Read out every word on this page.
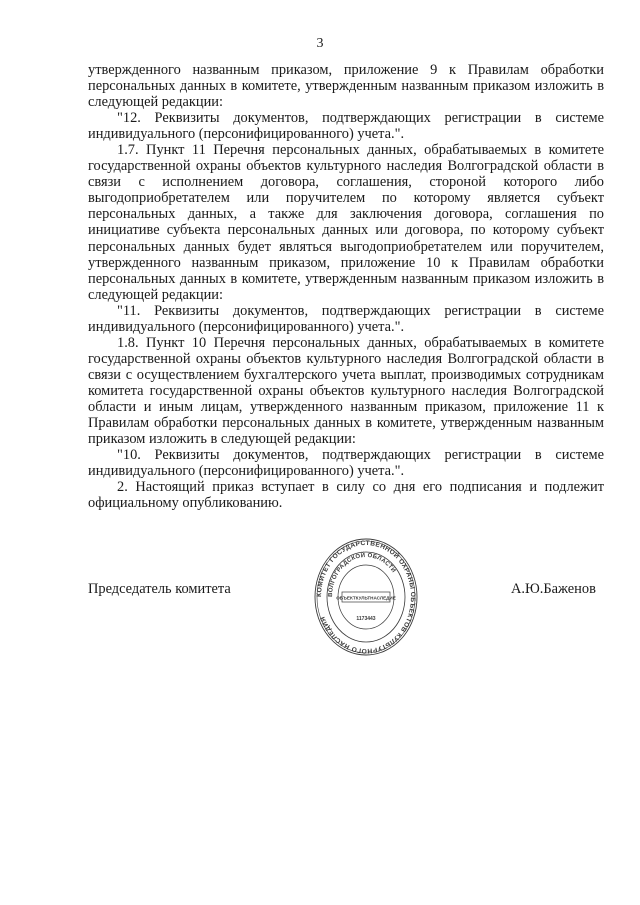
3

утвержденного названным приказом, приложение 9 к Правилам обработки персональных данных в комитете, утвержденным названным приказом изложить в следующей редакции:

"12. Реквизиты документов, подтверждающих регистрации в системе индивидуального (персонифицированного) учета.".

1.7. Пункт 11 Перечня персональных данных, обрабатываемых в комитете государственной охраны объектов культурного наследия Волгоградской области в связи с исполнением договора, соглашения, стороной которого либо выгодоприобретателем или поручителем по которому является субъект персональных данных, а также для заключения договора, соглашения по инициативе субъекта персональных данных или договора, по которому субъект персональных данных будет являться выгодоприобретателем или поручителем, утвержденного названным приказом, приложение 10 к Правилам обработки персональных данных в комитете, утвержденным названным приказом изложить в следующей редакции:

"11. Реквизиты документов, подтверждающих регистрации в системе индивидуального (персонифицированного) учета.".

1.8. Пункт 10 Перечня персональных данных, обрабатываемых в комитете государственной охраны объектов культурного наследия Волгоградской области в связи с осуществлением бухгалтерского учета выплат, производимых сотрудникам комитета государственной охраны объектов культурного наследия Волгоградской области и иным лицам, утвержденного названным приказом, приложение 11 к Правилам обработки персональных данных в комитете, утвержденным названным приказом изложить в следующей редакции:

"10. Реквизиты документов, подтверждающих регистрации в системе индивидуального (персонифицированного) учета.".

2. Настоящий приказ вступает в силу со дня его подписания и подлежит официальному опубликованию.

Председатель комитета	А.Ю.Баженов
КОМИТЕТ ГОСУДАРСТВЕННОЙ ОХРАНЫ ОБЪЕКТОВ КУЛЬТУРНОГО НАСЛЕДИЯ
ВОЛГОГРАДСКОЙ ОБЛАСТИ
ОБЪЕКТКУЛЬТНАСЛЕДИЕ
1173443
